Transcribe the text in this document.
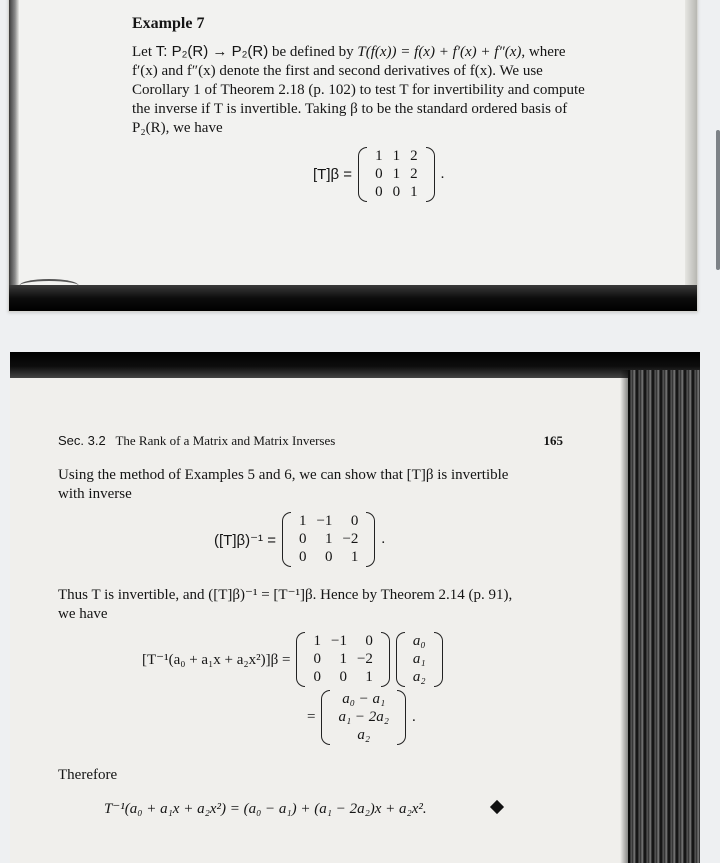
Example 7
Let T: P₂(R) → P₂(R) be defined by T(f(x)) = f(x) + f′(x) + f″(x), where
f′(x) and f″(x) denote the first and second derivatives of f(x). We use
Corollary 1 of Theorem 2.18 (p. 102) to test T for invertibility and compute
the inverse if T is invertible. Taking β to be the standard ordered basis of
P₂(R), we have
[T]β =
1 1 2
0 1 2
0 0 1
.
Sec. 3.2 The Rank of a Matrix and Matrix Inverses	165
Using the method of Examples 5 and 6, we can show that [T]β is invertible
with inverse
([T]β)⁻¹ =
1 −1	0
0	1 −2
0	0	1
.
Thus T is invertible, and ([T]β)⁻¹ = [T⁻¹]β. Hence by Theorem 2.14 (p. 91),
we have
[T⁻¹(a₀ + a₁x + a₂x²)]β =
1 −1	0
0	1 −2
0	0	1
a₀
a₁
a₂
=
a₀ − a₁
a₁ − 2a₂
a₂
.
Therefore
T⁻¹(a₀ + a₁x + a₂x²) = (a₀ − a₁) + (a₁ − 2a₂)x + a₂x².
